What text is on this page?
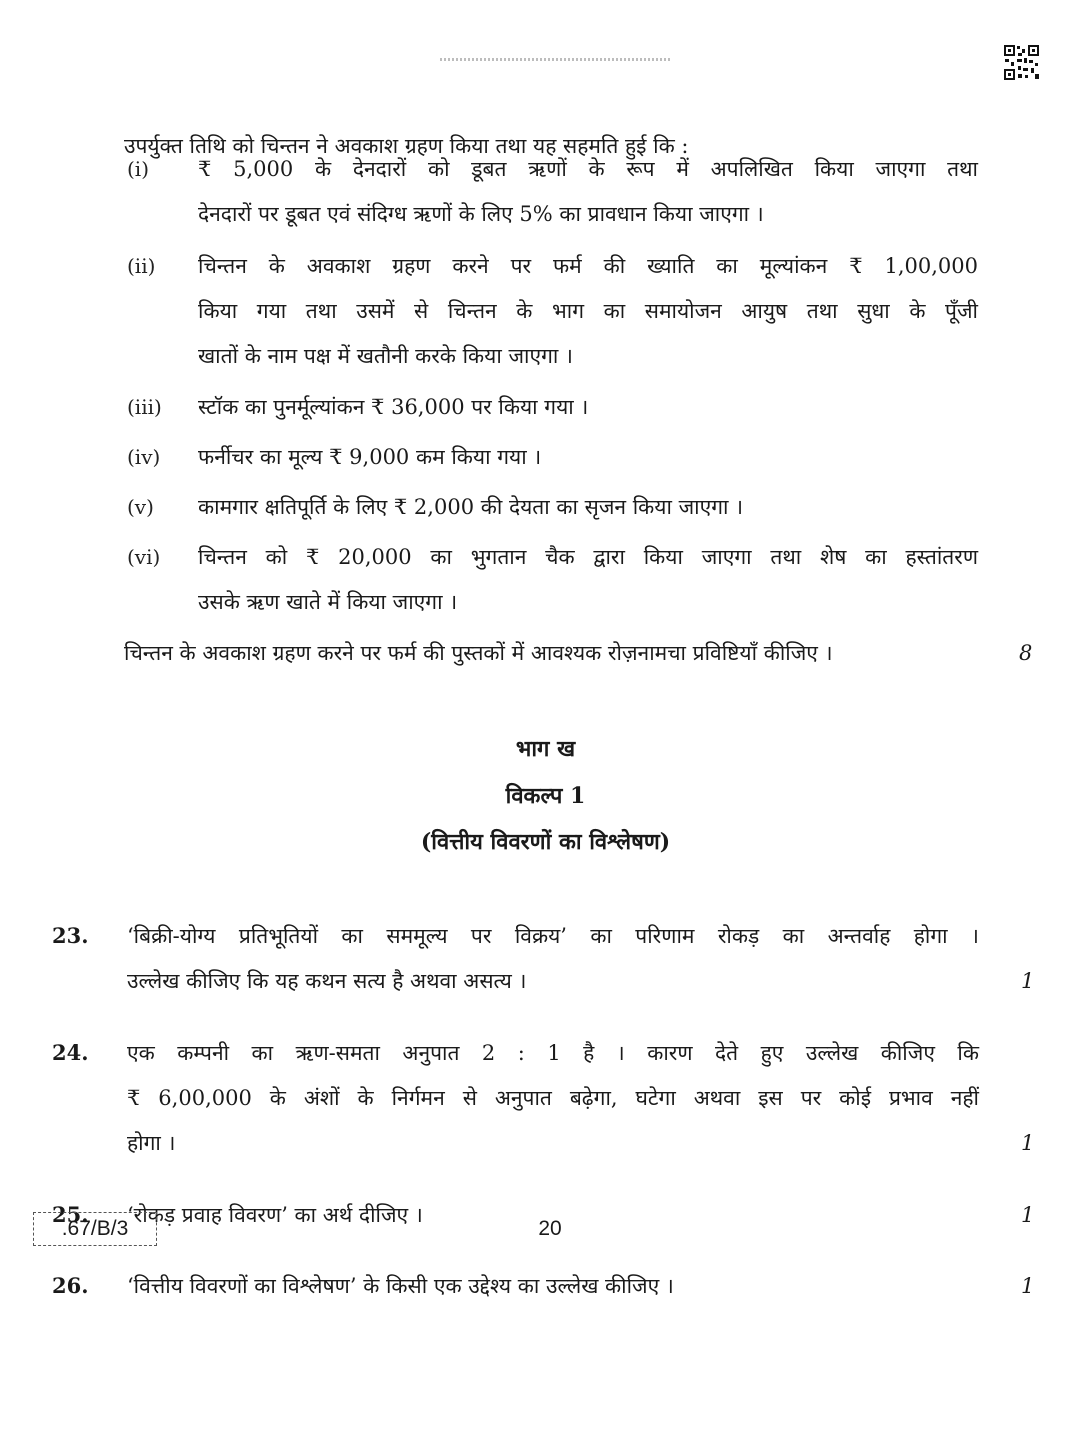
उपर्युक्त तिथि को चिन्तन ने अवकाश ग्रहण किया तथा यह सहमति हुई कि :
(i) ₹ 5,000 के देनदारों को डूबत ऋणों के रूप में अपलिखित किया जाएगा तथा
देनदारों पर डूबत एवं संदिग्ध ऋणों के लिए 5% का प्रावधान किया जाएगा ।
(ii) चिन्तन के अवकाश ग्रहण करने पर फर्म की ख्याति का मूल्यांकन ₹ 1,00,000
किया गया तथा उसमें से चिन्तन के भाग का समायोजन आयुष तथा सुधा के पूँजी
खातों के नाम पक्ष में खतौनी करके किया जाएगा ।
(iii) स्टॉक का पुनर्मूल्यांकन ₹ 36,000 पर किया गया ।
(iv) फर्नीचर का मूल्य ₹ 9,000 कम किया गया ।
(v) कामगार क्षतिपूर्ति के लिए ₹ 2,000 की देयता का सृजन किया जाएगा ।
(vi) चिन्तन को ₹ 20,000 का भुगतान चैक द्वारा किया जाएगा तथा शेष का हस्तांतरण
उसके ऋण खाते में किया जाएगा ।
चिन्तन के अवकाश ग्रहण करने पर फर्म की पुस्तकों में आवश्यक रोज़नामचा प्रविष्टियाँ कीजिए ।	8
भाग ख
विकल्प 1
(वित्तीय विवरणों का विश्लेषण)
23. ‘बिक्री-योग्य प्रतिभूतियों का सममूल्य पर विक्रय’ का परिणाम रोकड़ का अन्तर्वाह होगा ।
उल्लेख कीजिए कि यह कथन सत्य है अथवा असत्य ।	1
24. एक कम्पनी का ऋण-समता अनुपात 2 : 1 है । कारण देते हुए उल्लेख कीजिए कि
₹ 6,00,000 के अंशों के निर्गमन से अनुपात बढ़ेगा, घटेगा अथवा इस पर कोई प्रभाव नहीं
होगा ।	1
25. ‘रोकड़ प्रवाह विवरण’ का अर्थ दीजिए ।	1
26. ‘वित्तीय विवरणों का विश्लेषण’ के किसी एक उद्देश्य का उल्लेख कीजिए ।	1
.67/B/3	20
